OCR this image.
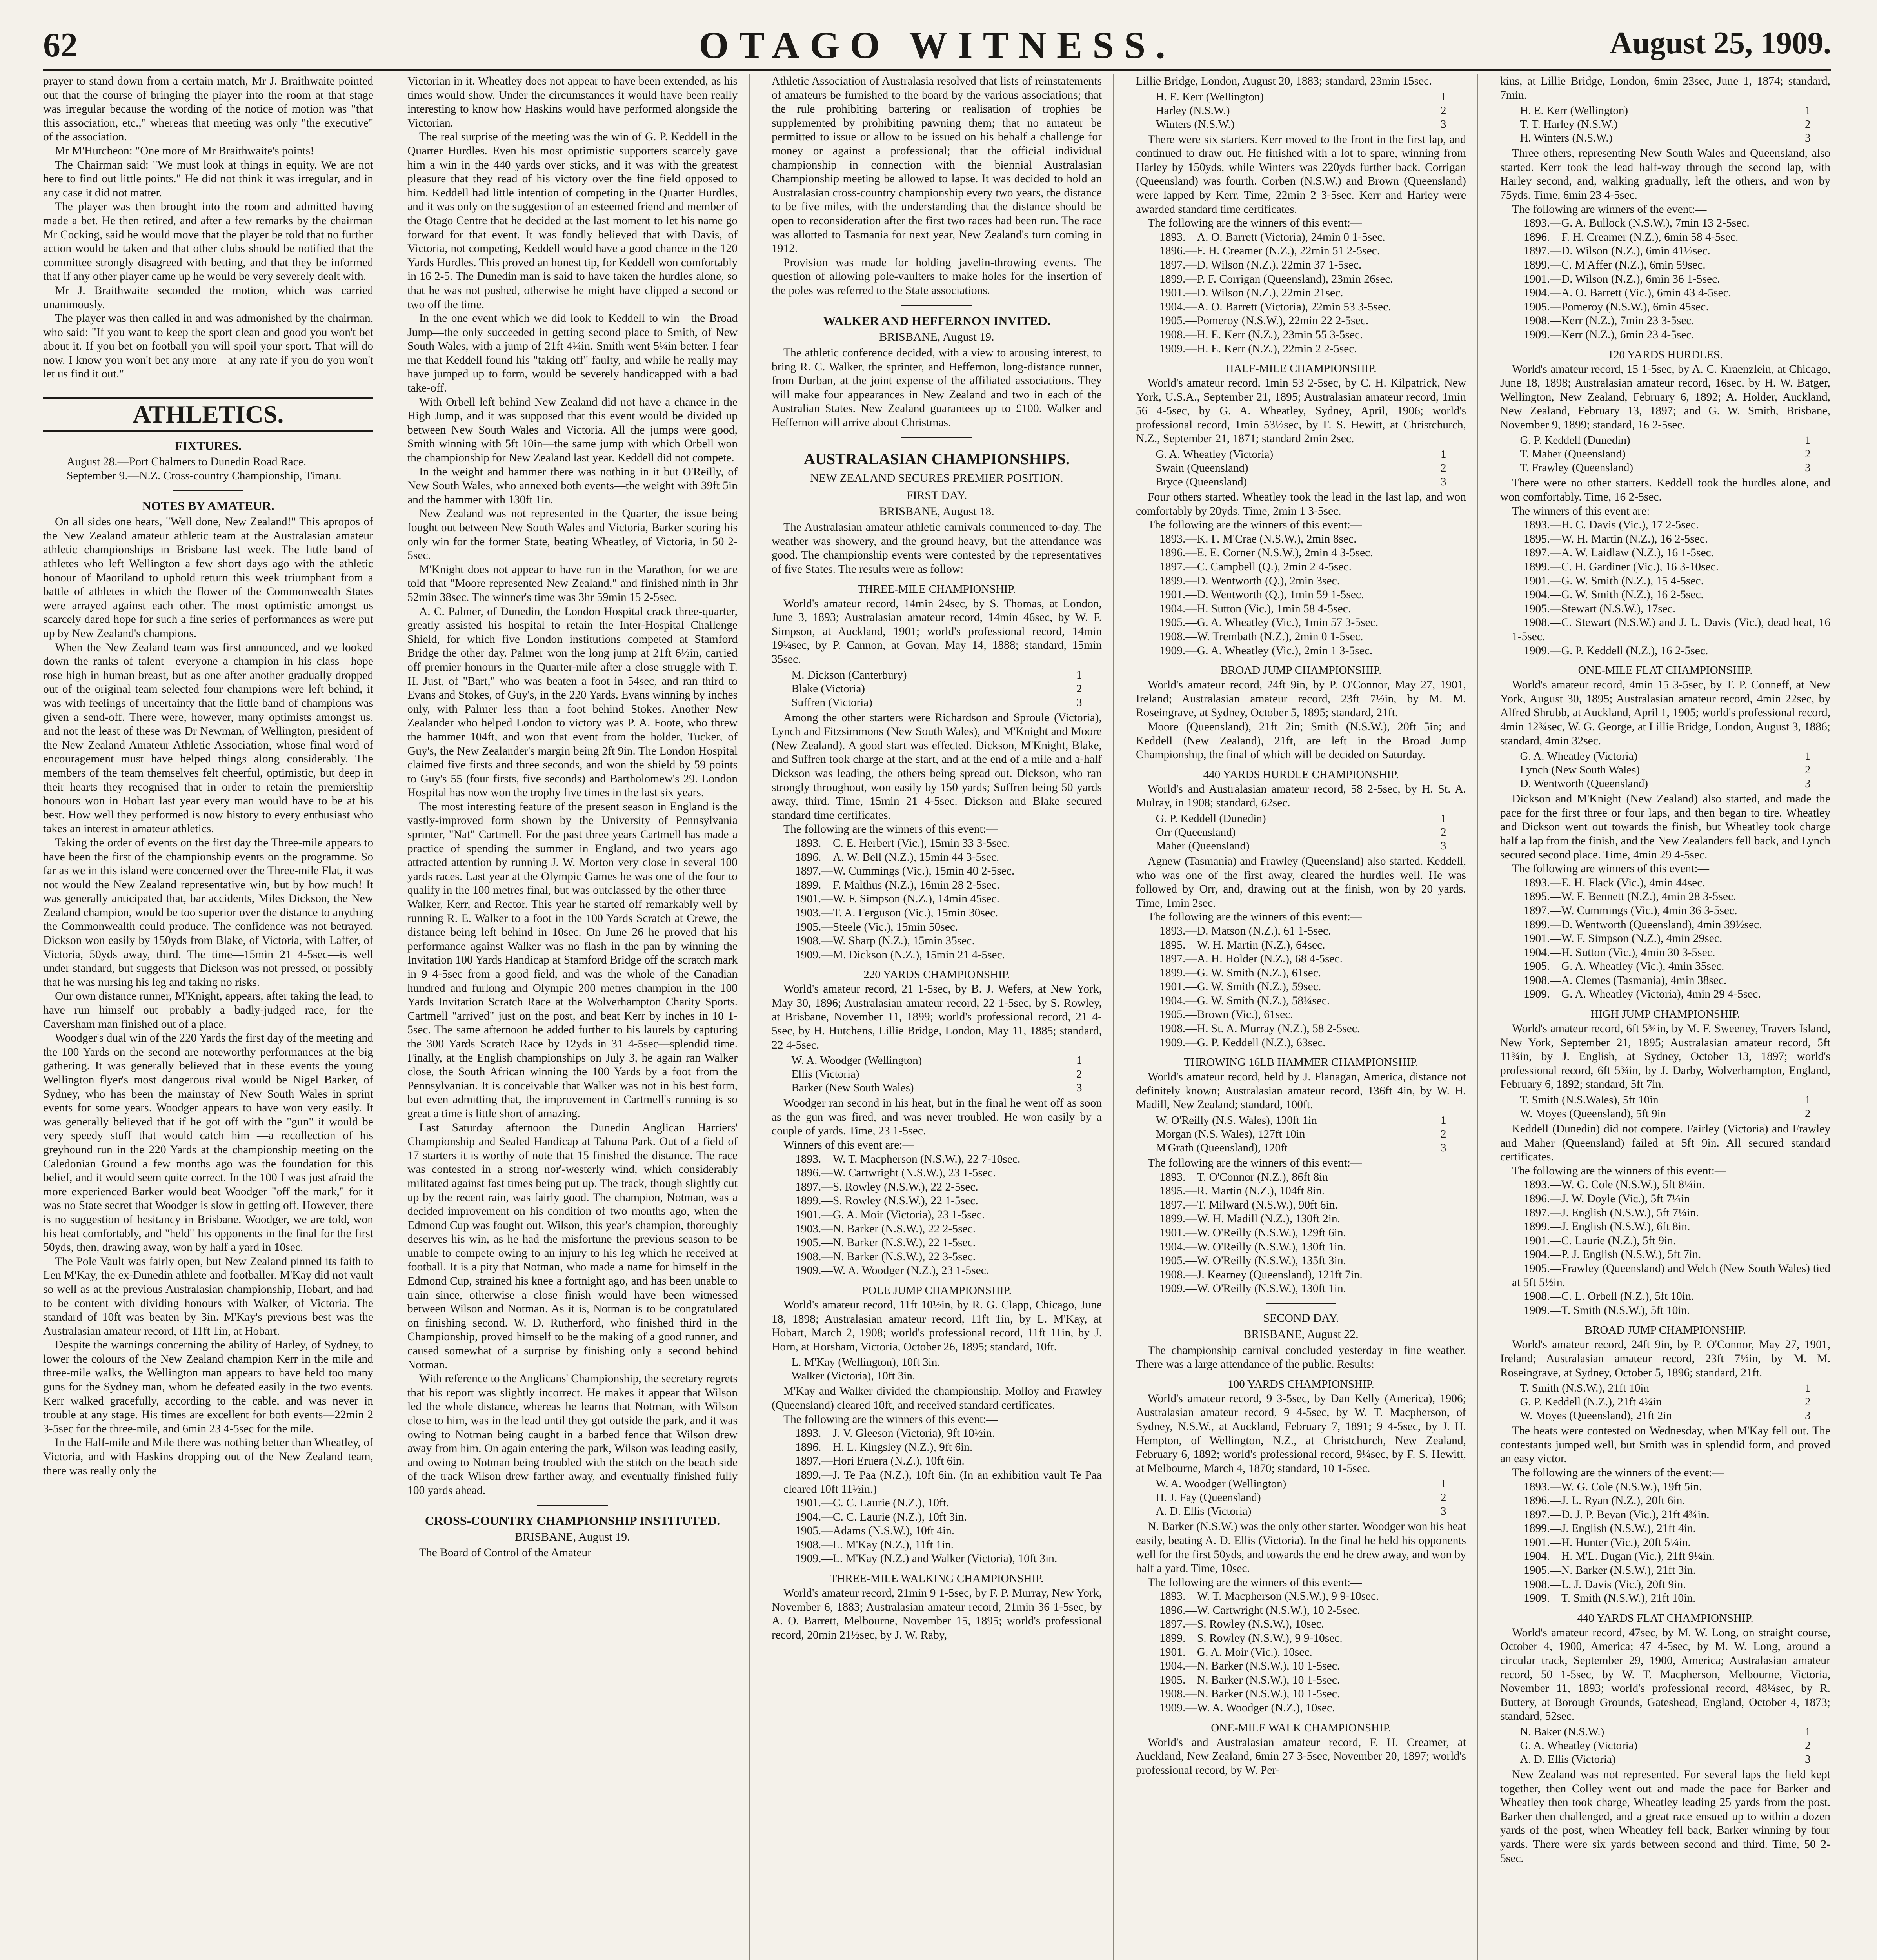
62	OTAGO WITNESS.	August 25, 1909.

prayer to stand down from a certain match, Mr J. Braithwaite pointed out that the course of bringing the player into the room at that stage was irregular because the wording of the notice of motion was "that this association, etc.," whereas that meeting was only "the executive" of the association.

Mr M'Hutcheon: "One more of Mr Braithwaite's points!

The Chairman said: "We must look at things in equity. We are not here to find out little points." He did not think it was irregular, and in any case it did not matter.

The player was then brought into the room and admitted having made a bet. He then retired, and after a few remarks by the chairman Mr Cocking, said he would move that the player be told that no further action would be taken and that other clubs should be notified that the committee strongly disagreed with betting, and that they be informed that if any other player came up he would be very severely dealt with.

Mr J. Braithwaite seconded the motion, which was carried unanimously.

The player was then called in and was admonished by the chairman, who said: "If you want to keep the sport clean and good you won't bet about it. If you bet on football you will spoil your sport. That will do now. I know you won't bet any more—at any rate if you do you won't let us find it out."

ATHLETICS.
FIXTURES.

August 28.—Port Chalmers to Dunedin Road Race.

September 9.—N.Z. Cross-country Championship, Timaru.

NOTES BY AMATEUR.

On all sides one hears, "Well done, New Zealand!" This apropos of the New Zealand amateur athletic team at the Australasian amateur athletic championships in Brisbane last week. The little band of athletes who left Wellington a few short days ago with the athletic honour of Maoriland to uphold return this week triumphant from a battle of athletes in which the flower of the Commonwealth States were arrayed against each other. The most optimistic amongst us scarcely dared hope for such a fine series of performances as were put up by New Zealand's champions.

When the New Zealand team was first announced, and we looked down the ranks of talent—everyone a champion in his class—hope rose high in human breast, but as one after another gradually dropped out of the original team selected four champions were left behind, it was with feelings of uncertainty that the little band of champions was given a send-off. There were, however, many optimists amongst us, and not the least of these was Dr Newman, of Wellington, president of the New Zealand Amateur Athletic Association, whose final word of encouragement must have helped things along considerably. The members of the team themselves felt cheerful, optimistic, but deep in their hearts they recognised that in order to retain the premiership honours won in Hobart last year every man would have to be at his best. How well they performed is now history to every enthusiast who takes an interest in amateur athletics.

Taking the order of events on the first day the Three-mile appears to have been the first of the championship events on the programme. So far as we in this island were concerned over the Three-mile Flat, it was not would the New Zealand representative win, but by how much! It was generally anticipated that, bar accidents, Miles Dickson, the New Zealand champion, would be too superior over the distance to anything the Commonwealth could produce. The confidence was not betrayed. Dickson won easily by 150yds from Blake, of Victoria, with Laffer, of Victoria, 50yds away, third. The time—15min 21 4-5sec—is well under standard, but suggests that Dickson was not pressed, or possibly that he was nursing his leg and taking no risks.

Our own distance runner, M'Knight, appears, after taking the lead, to have run himself out—probably a badly-judged race, for the Caversham man finished out of a place.

Woodger's dual win of the 220 Yards the first day of the meeting and the 100 Yards on the second are noteworthy performances at the big gathering. It was generally believed that in these events the young Wellington flyer's most dangerous rival would be Nigel Barker, of Sydney, who has been the mainstay of New South Wales in sprint events for some years. Woodger appears to have won very easily. It was generally believed that if he got off with the "gun" it would be very speedy stuff that would catch him —a recollection of his greyhound run in the 220 Yards at the championship meeting on the Caledonian Ground a few months ago was the foundation for this belief, and it would seem quite correct. In the 100 I was just afraid the more experienced Barker would beat Woodger "off the mark," for it was no State secret that Woodger is slow in getting off. However, there is no suggestion of hesitancy in Brisbane. Woodger, we are told, won his heat comfortably, and "held" his opponents in the final for the first 50yds, then, drawing away, won by half a yard in 10sec.

The Pole Vault was fairly open, but New Zealand pinned its faith to Len M'Kay, the ex-Dunedin athlete and footballer. M'Kay did not vault so well as at the previous Australasian championship, Hobart, and had to be content with dividing honours with Walker, of Victoria. The standard of 10ft was beaten by 3in. M'Kay's previous best was the Australasian amateur record, of 11ft 1in, at Hobart.

Despite the warnings concerning the ability of Harley, of Sydney, to lower the colours of the New Zealand champion Kerr in the mile and three-mile walks, the Wellington man appears to have held too many guns for the Sydney man, whom he defeated easily in the two events. Kerr walked gracefully, according to the cable, and was never in trouble at any stage. His times are excellent for both events—22min 2 3-5sec for the three-mile, and 6min 23 4-5sec for the mile.

In the Half-mile and Mile there was nothing better than Wheatley, of Victoria, and with Haskins dropping out of the New Zealand team, there was really only the

Victorian in it. Wheatley does not appear to have been extended, as his times would show. Under the circumstances it would have been really interesting to know how Haskins would have performed alongside the Victorian.

The real surprise of the meeting was the win of G. P. Keddell in the Quarter Hurdles. Even his most optimistic supporters scarcely gave him a win in the 440 yards over sticks, and it was with the greatest pleasure that they read of his victory over the fine field opposed to him. Keddell had little intention of competing in the Quarter Hurdles, and it was only on the suggestion of an esteemed friend and member of the Otago Centre that he decided at the last moment to let his name go forward for that event. It was fondly believed that with Davis, of Victoria, not competing, Keddell would have a good chance in the 120 Yards Hurdles. This proved an honest tip, for Keddell won comfortably in 16 2-5. The Dunedin man is said to have taken the hurdles alone, so that he was not pushed, otherwise he might have clipped a second or two off the time.

In the one event which we did look to Keddell to win—the Broad Jump—the only succeeded in getting second place to Smith, of New South Wales, with a jump of 21ft 4¼in. Smith went 5¼in better. I fear me that Keddell found his "taking off" faulty, and while he really may have jumped up to form, would be severely handicapped with a bad take-off.

With Orbell left behind New Zealand did not have a chance in the High Jump, and it was supposed that this event would be divided up between New South Wales and Victoria. All the jumps were good, Smith winning with 5ft 10in—the same jump with which Orbell won the championship for New Zealand last year. Keddell did not compete.

In the weight and hammer there was nothing in it but O'Reilly, of New South Wales, who annexed both events—the weight with 39ft 5in and the hammer with 130ft 1in.

New Zealand was not represented in the Quarter, the issue being fought out between New South Wales and Victoria, Barker scoring his only win for the former State, beating Wheatley, of Victoria, in 50 2-5sec.

M'Knight does not appear to have run in the Marathon, for we are told that "Moore represented New Zealand," and finished ninth in 3hr 52min 38sec. The winner's time was 3hr 59min 15 2-5sec.

A. C. Palmer, of Dunedin, the London Hospital crack three-quarter, greatly assisted his hospital to retain the Inter-Hospital Challenge Shield, for which five London institutions competed at Stamford Bridge the other day. Palmer won the long jump at 21ft 6½in, carried off premier honours in the Quarter-mile after a close struggle with T. H. Just, of "Bart," who was beaten a foot in 54sec, and ran third to Evans and Stokes, of Guy's, in the 220 Yards. Evans winning by inches only, with Palmer less than a foot behind Stokes. Another New Zealander who helped London to victory was P. A. Foote, who threw the hammer 104ft, and won that event from the holder, Tucker, of Guy's, the New Zealander's margin being 2ft 9in. The London Hospital claimed five firsts and three seconds, and won the shield by 59 points to Guy's 55 (four firsts, five seconds) and Bartholomew's 29. London Hospital has now won the trophy five times in the last six years.

The most interesting feature of the present season in England is the vastly-improved form shown by the University of Pennsylvania sprinter, "Nat" Cartmell. For the past three years Cartmell has made a practice of spending the summer in England, and two years ago attracted attention by running J. W. Morton very close in several 100 yards races. Last year at the Olympic Games he was one of the four to qualify in the 100 metres final, but was outclassed by the other three—Walker, Kerr, and Rector. This year he started off remarkably well by running R. E. Walker to a foot in the 100 Yards Scratch at Crewe, the distance being left behind in 10sec. On June 26 he proved that his performance against Walker was no flash in the pan by winning the Invitation 100 Yards Handicap at Stamford Bridge off the scratch mark in 9 4-5sec from a good field, and was the whole of the Canadian hundred and furlong and Olympic 200 metres champion in the 100 Yards Invitation Scratch Race at the Wolverhampton Charity Sports. Cartmell "arrived" just on the post, and beat Kerr by inches in 10 1-5sec. The same afternoon he added further to his laurels by capturing the 300 Yards Scratch Race by 12yds in 31 4-5sec—splendid time. Finally, at the English championships on July 3, he again ran Walker close, the South African winning the 100 Yards by a foot from the Pennsylvanian. It is conceivable that Walker was not in his best form, but even admitting that, the improvement in Cartmell's running is so great a time is little short of amazing.

Last Saturday afternoon the Dunedin Anglican Harriers' Championship and Sealed Handicap at Tahuna Park. Out of a field of 17 starters it is worthy of note that 15 finished the distance. The race was contested in a strong nor'-westerly wind, which considerably militated against fast times being put up. The track, though slightly cut up by the recent rain, was fairly good. The champion, Notman, was a decided improvement on his condition of two months ago, when the Edmond Cup was fought out. Wilson, this year's champion, thoroughly deserves his win, as he had the misfortune the previous season to be unable to compete owing to an injury to his leg which he received at football. It is a pity that Notman, who made a name for himself in the Edmond Cup, strained his knee a fortnight ago, and has been unable to train since, otherwise a close finish would have been witnessed between Wilson and Notman. As it is, Notman is to be congratulated on finishing second. W. D. Rutherford, who finished third in the Championship, proved himself to be the making of a good runner, and caused somewhat of a surprise by finishing only a second behind Notman.

With reference to the Anglicans' Championship, the secretary regrets that his report was slightly incorrect. He makes it appear that Wilson led the whole distance, whereas he learns that Notman, with Wilson close to him, was in the lead until they got outside the park, and it was owing to Notman being caught in a barbed fence that Wilson drew away from him. On again entering the park, Wilson was leading easily, and owing to Notman being troubled with the stitch on the beach side of the track Wilson drew farther away, and eventually finished fully 100 yards ahead.

CROSS-COUNTRY CHAMPIONSHIP INSTITUTED.
BRISBANE, August 19.

The Board of Control of the Amateur

Athletic Association of Australasia resolved that lists of reinstatements of amateurs be furnished to the board by the various associations; that the rule prohibiting bartering or realisation of trophies be supplemented by prohibiting pawning them; that no amateur be permitted to issue or allow to be issued on his behalf a challenge for money or against a professional; that the official individual championship in connection with the biennial Australasian Championship meeting be allowed to lapse. It was decided to hold an Australasian cross-country championship every two years, the distance to be five miles, with the understanding that the distance should be open to reconsideration after the first two races had been run. The race was allotted to Tasmania for next year, New Zealand's turn coming in 1912.

Provision was made for holding javelin-throwing events. The question of allowing pole-vaulters to make holes for the insertion of the poles was referred to the State associations.

WALKER AND HEFFERNON INVITED.
BRISBANE, August 19.

The athletic conference decided, with a view to arousing interest, to bring R. C. Walker, the sprinter, and Heffernon, long-distance runner, from Durban, at the joint expense of the affiliated associations. They will make four appearances in New Zealand and two in each of the Australian States. New Zealand guarantees up to £100. Walker and Heffernon will arrive about Christmas.

AUSTRALASIAN CHAMPIONSHIPS.
NEW ZEALAND SECURES PREMIER POSITION.
FIRST DAY.
BRISBANE, August 18.

The Australasian amateur athletic carnivals commenced to-day. The weather was showery, and the ground heavy, but the attendance was good. The championship events were contested by the representatives of five States. The results were as follow:—

THREE-MILE CHAMPIONSHIP.

World's amateur record, 14min 24sec, by S. Thomas, at London, June 3, 1893; Australasian amateur record, 14min 46sec, by W. F. Simpson, at Auckland, 1901; world's professional record, 14min 19¼sec, by P. Cannon, at Govan, May 14, 1888; standard, 15min 35sec.

M. Dickson (Canterbury)	1
Blake (Victoria)	2
Suffren (Victoria)	3

Among the other starters were Richardson and Sproule (Victoria), Lynch and Fitzsimmons (New South Wales), and M'Knight and Moore (New Zealand). A good start was effected. Dickson, M'Knight, Blake, and Suffren took charge at the start, and at the end of a mile and a-half Dickson was leading, the others being spread out. Dickson, who ran strongly throughout, won easily by 150 yards; Suffren being 50 yards away, third. Time, 15min 21 4-5sec. Dickson and Blake secured standard time certificates.

The following are the winners of this event:—

1893.—C. E. Herbert (Vic.), 15min 33 3-5sec.

1896.—A. W. Bell (N.Z.), 15min 44 3-5sec.

1897.—W. Cummings (Vic.), 15min 40 2-5sec.

1899.—F. Malthus (N.Z.), 16min 28 2-5sec.

1901.—W. F. Simpson (N.Z.), 14min 45sec.

1903.—T. A. Ferguson (Vic.), 15min 30sec.

1905.—Steele (Vic.), 15min 50sec.

1908.—W. Sharp (N.Z.), 15min 35sec.

1909.—M. Dickson (N.Z.), 15min 21 4-5sec.

220 YARDS CHAMPIONSHIP.

World's amateur record, 21 1-5sec, by B. J. Wefers, at New York, May 30, 1896; Australasian amateur record, 22 1-5sec, by S. Rowley, at Brisbane, November 11, 1899; world's professional record, 21 4-5sec, by H. Hutchens, Lillie Bridge, London, May 11, 1885; standard, 22 4-5sec.

W. A. Woodger (Wellington)	1
Ellis (Victoria)	2
Barker (New South Wales)	3

Woodger ran second in his heat, but in the final he went off as soon as the gun was fired, and was never troubled. He won easily by a couple of yards. Time, 23 1-5sec.

Winners of this event are:—

1893.—W. T. Macpherson (N.S.W.), 22 7-10sec.

1896.—W. Cartwright (N.S.W.), 23 1-5sec.

1897.—S. Rowley (N.S.W.), 22 2-5sec.

1899.—S. Rowley (N.S.W.), 22 1-5sec.

1901.—G. A. Moir (Victoria), 23 1-5sec.

1903.—N. Barker (N.S.W.), 22 2-5sec.

1905.—N. Barker (N.S.W.), 22 1-5sec.

1908.—N. Barker (N.S.W.), 22 3-5sec.

1909.—W. A. Woodger (N.Z.), 23 1-5sec.

POLE JUMP CHAMPIONSHIP.

World's amateur record, 11ft 10½in, by R. G. Clapp, Chicago, June 18, 1898; Australasian amateur record, 11ft 1in, by L. M'Kay, at Hobart, March 2, 1908; world's professional record, 11ft 11in, by J. Horn, at Horsham, Victoria, October 26, 1895; standard, 10ft.

L. M'Kay (Wellington), 10ft 3in.	
Walker (Victoria), 10ft 3in.	

M'Kay and Walker divided the championship. Molloy and Frawley (Queensland) cleared 10ft, and received standard certificates.

The following are the winners of this event:—

1893.—J. V. Gleeson (Victoria), 9ft 10½in.

1896.—H. L. Kingsley (N.Z.), 9ft 6in.

1897.—Hori Eruera (N.Z.), 10ft 6in.

1899.—J. Te Paa (N.Z.), 10ft 6in. (In an exhibition vault Te Paa cleared 10ft 11½in.)

1901.—C. C. Laurie (N.Z.), 10ft.

1904.—C. C. Laurie (N.Z.), 10ft 3in.

1905.—Adams (N.S.W.), 10ft 4in.

1908.—L. M'Kay (N.Z.), 11ft 1in.

1909.—L. M'Kay (N.Z.) and Walker (Victoria), 10ft 3in.

THREE-MILE WALKING CHAMPIONSHIP.

World's amateur record, 21min 9 1-5sec, by F. P. Murray, New York, November 6, 1883; Australasian amateur record, 21min 36 1-5sec, by A. O. Barrett, Melbourne, November 15, 1895; world's professional record, 20min 21½sec, by J. W. Raby,

Lillie Bridge, London, August 20, 1883; standard, 23min 15sec.

H. E. Kerr (Wellington)	1
Harley (N.S.W.)	2
Winters (N.S.W.)	3

There were six starters. Kerr moved to the front in the first lap, and continued to draw out. He finished with a lot to spare, winning from Harley by 150yds, while Winters was 220yds further back. Corrigan (Queensland) was fourth. Corben (N.S.W.) and Brown (Queensland) were lapped by Kerr. Time, 22min 2 3-5sec. Kerr and Harley were awarded standard time certificates.

The following are the winners of this event:—

1893.—A. O. Barrett (Victoria), 24min 0 1-5sec.

1896.—F. H. Creamer (N.Z.), 22min 51 2-5sec.

1897.—D. Wilson (N.Z.), 22min 37 1-5sec.

1899.—P. F. Corrigan (Queensland), 23min 26sec.

1901.—D. Wilson (N.Z.), 22min 21sec.

1904.—A. O. Barrett (Victoria), 22min 53 3-5sec.

1905.—Pomeroy (N.S.W.), 22min 22 2-5sec.

1908.—H. E. Kerr (N.Z.), 23min 55 3-5sec.

1909.—H. E. Kerr (N.Z.), 22min 2 2-5sec.

HALF-MILE CHAMPIONSHIP.

World's amateur record, 1min 53 2-5sec, by C. H. Kilpatrick, New York, U.S.A., September 21, 1895; Australasian amateur record, 1min 56 4-5sec, by G. A. Wheatley, Sydney, April, 1906; world's professional record, 1min 53½sec, by F. S. Hewitt, at Christchurch, N.Z., September 21, 1871; standard 2min 2sec.

G. A. Wheatley (Victoria)	1
Swain (Queensland)	2
Bryce (Queensland)	3

Four others started. Wheatley took the lead in the last lap, and won comfortably by 20yds. Time, 2min 1 3-5sec.

The following are the winners of this event:—

1893.—K. F. M'Crae (N.S.W.), 2min 8sec.

1896.—E. E. Corner (N.S.W.), 2min 4 3-5sec.

1897.—C. Campbell (Q.), 2min 2 4-5sec.

1899.—D. Wentworth (Q.), 2min 3sec.

1901.—D. Wentworth (Q.), 1min 59 1-5sec.

1904.—H. Sutton (Vic.), 1min 58 4-5sec.

1905.—G. A. Wheatley (Vic.), 1min 57 3-5sec.

1908.—W. Trembath (N.Z.), 2min 0 1-5sec.

1909.—G. A. Wheatley (Vic.), 2min 1 3-5sec.

BROAD JUMP CHAMPIONSHIP.

World's amateur record, 24ft 9in, by P. O'Connor, May 27, 1901, Ireland; Australasian amateur record, 23ft 7½in, by M. M. Roseingrave, at Sydney, October 5, 1895; standard, 21ft.

Moore (Queensland), 21ft 2in; Smith (N.S.W.), 20ft 5in; and Keddell (New Zealand), 21ft, are left in the Broad Jump Championship, the final of which will be decided on Saturday.

440 YARDS HURDLE CHAMPIONSHIP.

World's and Australasian amateur record, 58 2-5sec, by H. St. A. Mulray, in 1908; standard, 62sec.

G. P. Keddell (Dunedin)	1
Orr (Queensland)	2
Maher (Queensland)	3

Agnew (Tasmania) and Frawley (Queensland) also started. Keddell, who was one of the first away, cleared the hurdles well. He was followed by Orr, and, drawing out at the finish, won by 20 yards. Time, 1min 2sec.

The following are the winners of this event:—

1893.—D. Matson (N.Z.), 61 1-5sec.

1895.—W. H. Martin (N.Z.), 64sec.

1897.—A. H. Holder (N.Z.), 68 4-5sec.

1899.—G. W. Smith (N.Z.), 61sec.

1901.—G. W. Smith (N.Z.), 59sec.

1904.—G. W. Smith (N.Z.), 58¼sec.

1905.—Brown (Vic.), 61sec.

1908.—H. St. A. Murray (N.Z.), 58 2-5sec.

1909.—G. P. Keddell (N.Z.), 63sec.

THROWING 16LB HAMMER CHAMPIONSHIP.

World's amateur record, held by J. Flanagan, America, distance not definitely known; Australasian amateur record, 136ft 4in, by W. H. Madill, New Zealand; standard, 100ft.

W. O'Reilly (N.S. Wales), 130ft 1in	1
Morgan (N.S. Wales), 127ft 10in	2
M'Grath (Queensland), 120ft	3

The following are the winners of this event:—

1893.—T. O'Connor (N.Z.), 86ft 8in

1895.—R. Martin (N.Z.), 104ft 8in.

1897.—T. Milward (N.S.W.), 90ft 6in.

1899.—W. H. Madill (N.Z.), 130ft 2in.

1901.—W. O'Reilly (N.S.W.), 129ft 6in.

1904.—W. O'Reilly (N.S.W.), 130ft 1in.

1905.—W. O'Reilly (N.S.W.), 135ft 3in.

1908.—J. Kearney (Queensland), 121ft 7in.

1909.—W. O'Reilly (N.S.W.), 130ft 1in.

SECOND DAY.
BRISBANE, August 22.

The championship carnival concluded yesterday in fine weather. There was a large attendance of the public. Results:—

100 YARDS CHAMPIONSHIP.

World's amateur record, 9 3-5sec, by Dan Kelly (America), 1906; Australasian amateur record, 9 4-5sec, by W. T. Macpherson, of Sydney, N.S.W., at Auckland, February 7, 1891; 9 4-5sec, by J. H. Hempton, of Wellington, N.Z., at Christchurch, New Zealand, February 6, 1892; world's professional record, 9¼sec, by F. S. Hewitt, at Melbourne, March 4, 1870; standard, 10 1-5sec.

W. A. Woodger (Wellington)	1
H. J. Fay (Queensland)	2
A. D. Ellis (Victoria)	3

N. Barker (N.S.W.) was the only other starter. Woodger won his heat easily, beating A. D. Ellis (Victoria). In the final he held his opponents well for the first 50yds, and towards the end he drew away, and won by half a yard. Time, 10sec.

The following are the winners of this event:—

1893.—W. T. Macpherson (N.S.W.), 9 9-10sec.

1896.—W. Cartwright (N.S.W.), 10 2-5sec.

1897.—S. Rowley (N.S.W.), 10sec.

1899.—S. Rowley (N.S.W.), 9 9-10sec.

1901.—G. A. Moir (Vic.), 10sec.

1904.—N. Barker (N.S.W.), 10 1-5sec.

1905.—N. Barker (N.S.W.), 10 1-5sec.

1908.—N. Barker (N.S.W.), 10 1-5sec.

1909.—W. A. Woodger (N.Z.), 10sec.

ONE-MILE WALK CHAMPIONSHIP.

World's and Australasian amateur record, F. H. Creamer, at Auckland, New Zealand, 6min 27 3-5sec, November 20, 1897; world's professional record, by W. Per-

kins, at Lillie Bridge, London, 6min 23sec, June 1, 1874; standard, 7min.

H. E. Kerr (Wellington)	1
T. T. Harley (N.S.W.)	2
H. Winters (N.S.W.)	3

Three others, representing New South Wales and Queensland, also started. Kerr took the lead half-way through the second lap, with Harley second, and, walking gradually, left the others, and won by 75yds. Time, 6min 23 4-5sec.

The following are winners of the event:—

1893.—G. A. Bullock (N.S.W.), 7min 13 2-5sec.

1896.—F. H. Creamer (N.Z.), 6min 58 4-5sec.

1897.—D. Wilson (N.Z.), 6min 41½sec.

1899.—C. M'Affer (N.Z.), 6min 59sec.

1901.—D. Wilson (N.Z.), 6min 36 1-5sec.

1904.—A. O. Barrett (Vic.), 6min 43 4-5sec.

1905.—Pomeroy (N.S.W.), 6min 45sec.

1908.—Kerr (N.Z.), 7min 23 3-5sec.

1909.—Kerr (N.Z.), 6min 23 4-5sec.

120 YARDS HURDLES.

World's amateur record, 15 1-5sec, by A. C. Kraenzlein, at Chicago, June 18, 1898; Australasian amateur record, 16sec, by H. W. Batger, Wellington, New Zealand, February 6, 1892; A. Holder, Auckland, New Zealand, February 13, 1897; and G. W. Smith, Brisbane, November 9, 1899; standard, 16 2-5sec.

G. P. Keddell (Dunedin)	1
T. Maher (Queensland)	2
T. Frawley (Queensland)	3

There were no other starters. Keddell took the hurdles alone, and won comfortably. Time, 16 2-5sec.

The winners of this event are:—

1893.—H. C. Davis (Vic.), 17 2-5sec.

1895.—W. H. Martin (N.Z.), 16 2-5sec.

1897.—A. W. Laidlaw (N.Z.), 16 1-5sec.

1899.—C. H. Gardiner (Vic.), 16 3-10sec.

1901.—G. W. Smith (N.Z.), 15 4-5sec.

1904.—G. W. Smith (N.Z.), 16 2-5sec.

1905.—Stewart (N.S.W.), 17sec.

1908.—C. Stewart (N.S.W.) and J. L. Davis (Vic.), dead heat, 16 1-5sec.

1909.—G. P. Keddell (N.Z.), 16 2-5sec.

ONE-MILE FLAT CHAMPIONSHIP.

World's amateur record, 4min 15 3-5sec, by T. P. Conneff, at New York, August 30, 1895; Australasian amateur record, 4min 22sec, by Alfred Shrubb, at Auckland, April 1, 1905; world's professional record, 4min 12¾sec, W. G. George, at Lillie Bridge, London, August 3, 1886; standard, 4min 32sec.

G. A. Wheatley (Victoria)	1
Lynch (New South Wales)	2
D. Wentworth (Queensland)	3

Dickson and M'Knight (New Zealand) also started, and made the pace for the first three or four laps, and then began to tire. Wheatley and Dickson went out towards the finish, but Wheatley took charge half a lap from the finish, and the New Zealanders fell back, and Lynch secured second place. Time, 4min 29 4-5sec.

The following are winners of this event:—

1893.—E. H. Flack (Vic.), 4min 44sec.

1895.—W. F. Bennett (N.Z.), 4min 28 3-5sec.

1897.—W. Cummings (Vic.), 4min 36 3-5sec.

1899.—D. Wentworth (Queensland), 4min 39½sec.

1901.—W. F. Simpson (N.Z.), 4min 29sec.

1904.—H. Sutton (Vic.), 4min 30 3-5sec.

1905.—G. A. Wheatley (Vic.), 4min 35sec.

1908.—A. Clemes (Tasmania), 4min 38sec.

1909.—G. A. Wheatley (Victoria), 4min 29 4-5sec.

HIGH JUMP CHAMPIONSHIP.

World's amateur record, 6ft 5¾in, by M. F. Sweeney, Travers Island, New York, September 21, 1895; Australasian amateur record, 5ft 11¾in, by J. English, at Sydney, October 13, 1897; world's professional record, 6ft 5¾in, by J. Darby, Wolverhampton, England, February 6, 1892; standard, 5ft 7in.

T. Smith (N.S.Wales), 5ft 10in	1
W. Moyes (Queensland), 5ft 9in	2

Keddell (Dunedin) did not compete. Fairley (Victoria) and Frawley and Maher (Queensland) failed at 5ft 9in. All secured standard certificates.

The following are the winners of this event:—

1893.—W. G. Cole (N.S.W.), 5ft 8¼in.

1896.—J. W. Doyle (Vic.), 5ft 7¼in

1897.—J. English (N.S.W.), 5ft 7¼in.

1899.—J. English (N.S.W.), 6ft 8in.

1901.—C. Laurie (N.Z.), 5ft 9in.

1904.—P. J. English (N.S.W.), 5ft 7in.

1905.—Frawley (Queensland) and Welch (New South Wales) tied at 5ft 5½in.

1908.—C. L. Orbell (N.Z.), 5ft 10in.

1909.—T. Smith (N.S.W.), 5ft 10in.

BROAD JUMP CHAMPIONSHIP.

World's amateur record, 24ft 9in, by P. O'Connor, May 27, 1901, Ireland; Australasian amateur record, 23ft 7½in, by M. M. Roseingrave, at Sydney, October 5, 1896; standard, 21ft.

T. Smith (N.S.W.), 21ft 10in	1
G. P. Keddell (N.Z.), 21ft 4¼in	2
W. Moyes (Queensland), 21ft 2in	3

The heats were contested on Wednesday, when M'Kay fell out. The contestants jumped well, but Smith was in splendid form, and proved an easy victor.

The following are the winners of the event:—

1893.—W. G. Cole (N.S.W.), 19ft 5in.

1896.—J. L. Ryan (N.Z.), 20ft 6in.

1897.—D. J. P. Bevan (Vic.), 21ft 4¾in.

1899.—J. English (N.S.W.), 21ft 4in.

1901.—H. Hunter (Vic.), 20ft 5¼in.

1904.—H. M'L. Dugan (Vic.), 21ft 9¼in.

1905.—N. Barker (N.S.W.), 21ft 3in.

1908.—L. J. Davis (Vic.), 20ft 9in.

1909.—T. Smith (N.S.W.), 21ft 10in.

440 YARDS FLAT CHAMPIONSHIP.

World's amateur record, 47sec, by M. W. Long, on straight course, October 4, 1900, America; 47 4-5sec, by M. W. Long, around a circular track, September 29, 1900, America; Australasian amateur record, 50 1-5sec, by W. T. Macpherson, Melbourne, Victoria, November 11, 1893; world's professional record, 48¼sec, by R. Buttery, at Borough Grounds, Gateshead, England, October 4, 1873; standard, 52sec.

N. Baker (N.S.W.)	1
G. A. Wheatley (Victoria)	2
A. D. Ellis (Victoria)	3

New Zealand was not represented. For several laps the field kept together, then Colley went out and made the pace for Barker and Wheatley then took charge, Wheatley leading 25 yards from the post. Barker then challenged, and a great race ensued up to within a dozen yards of the post, when Wheatley fell back, Barker winning by four yards. There were six yards between second and third. Time, 50 2-5sec.
